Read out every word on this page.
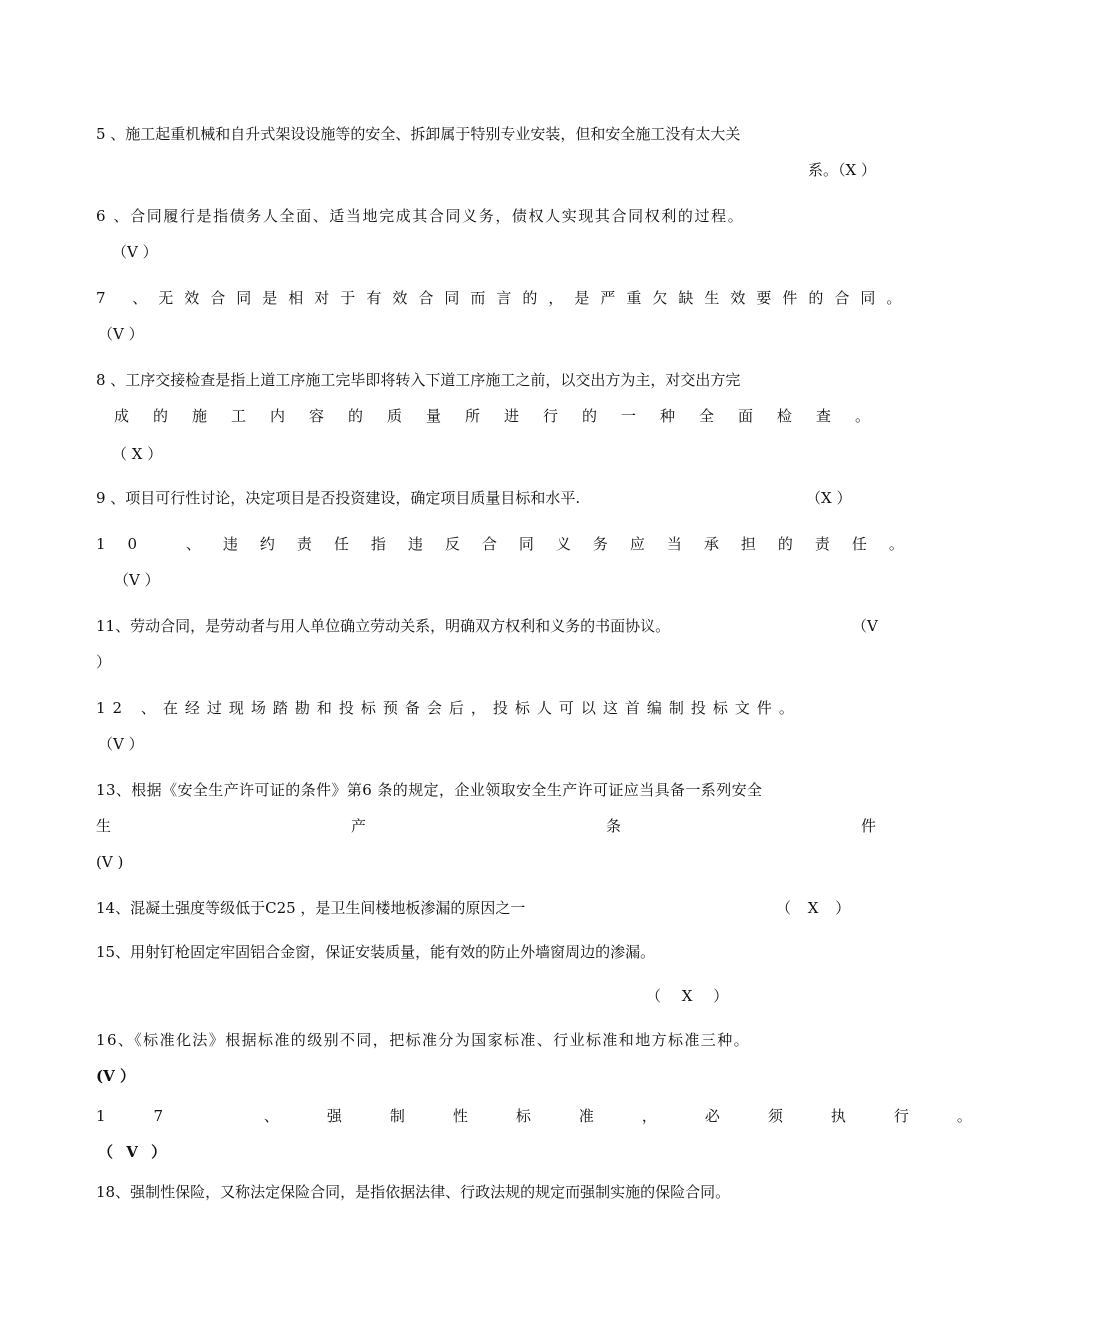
5 、施工起重机械和自升式架设设施等的安全、拆卸属于特别专业安装，但和安全施工没有太大关
系。（X ）
6 、合同履行是指债务人全面、适当地完成其合同义务，债权人实现其合同权利的过程。
（V ）
7 、无效合同是相对于有效合同而言的，是严重欠缺生效要件的合同。
（V ）
8 、工序交接检查是指上道工序施工完毕即将转入下道工序施工之前，以交出方为主，对交出方完
成的施工内容的质量所进行的一种全面检查。
（ X ）
9 、项目可行性讨论，决定项目是否投资建设，确定项目质量目标和水平.	（X ）
10 、违约责任指违反合同义务应当承担的责任。
（V ）
11、劳动合同，是劳动者与用人单位确立劳动关系，明确双方权利和义务的书面协议。	（V
）
12 、在经过现场踏勘和投标预备会后，投标人可以这首编制投标文件。
（V ）
13、根据《安全生产许可证的条件》第6 条的规定，企业领取安全生产许可证应当具备一系列安全
生产条件
(V )
14、混凝土强度等级低于C25 ，是卫生间楼地板渗漏的原因之一	（ X ）
15、用射钉枪固定牢固铝合金窗，保证安装质量，能有效的防止外墙窗周边的渗漏。
（ X ）
16、《标准化法》根据标准的级别不同，把标准分为国家标准、行业标准和地方标准三种。
(V ）
17 、强制性标准，必须执行。
（ V ）
18、强制性保险，又称法定保险合同，是指依据法律、行政法规的规定而强制实施的保险合同。
